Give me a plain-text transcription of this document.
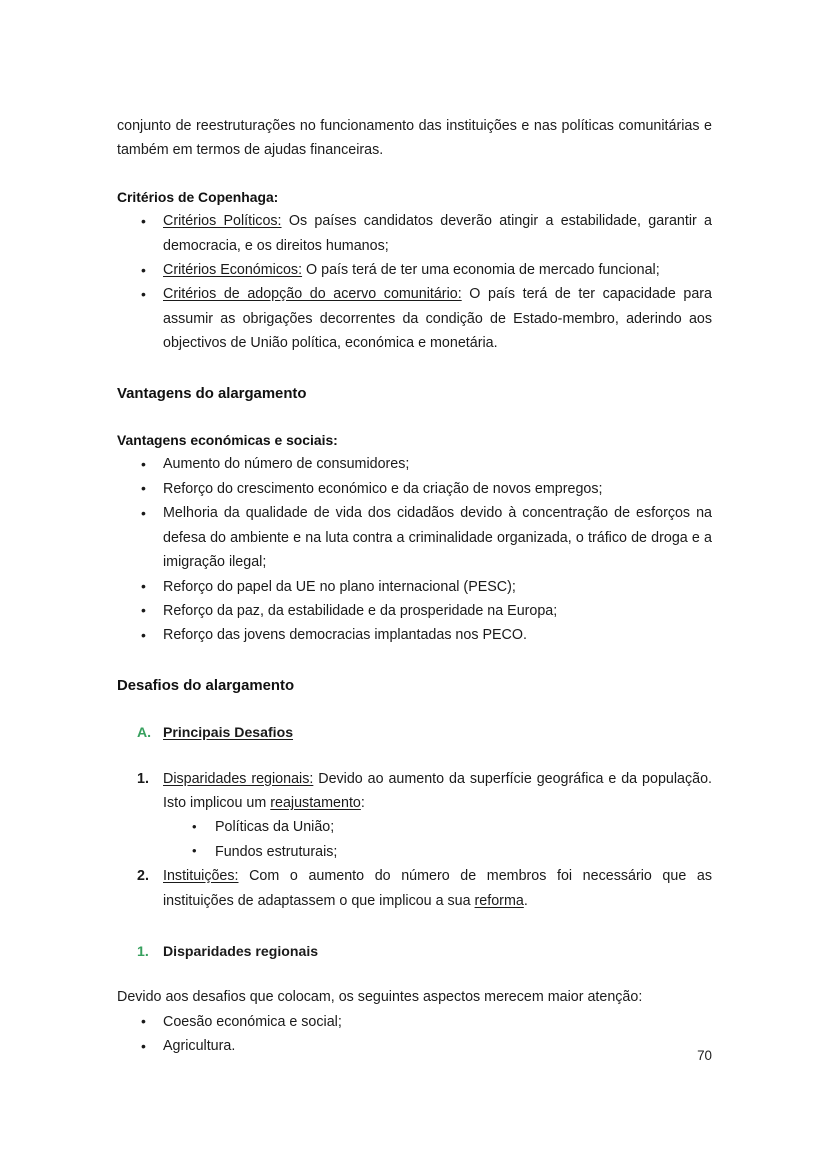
conjunto de reestruturações no funcionamento das instituições e nas políticas comunitárias e também em termos de ajudas financeiras.

Critérios de Copenhaga:
• Critérios Políticos: Os países candidatos deverão atingir a estabilidade, garantir a democracia, e os direitos humanos;
• Critérios Económicos: O país terá de ter uma economia de mercado funcional;
• Critérios de adopção do acervo comunitário: O país terá de ter capacidade para assumir as obrigações decorrentes da condição de Estado-membro, aderindo aos objectivos de União política, económica e monetária.
Vantagens do alargamento
Vantagens económicas e sociais:
• Aumento do número de consumidores;
• Reforço do crescimento económico e da criação de novos empregos;
• Melhoria da qualidade de vida dos cidadãos devido à concentração de esforços na defesa do ambiente e na luta contra a criminalidade organizada, o tráfico de droga e a imigração ilegal;
• Reforço do papel da UE no plano internacional (PESC);
• Reforço da paz, da estabilidade e da prosperidade na Europa;
• Reforço das jovens democracias implantadas nos PECO.
Desafios do alargamento
A. Principais Desafios
1. Disparidades regionais: Devido ao aumento da superfície geográfica e da população. Isto implicou um reajustamento:
• Políticas da União;
• Fundos estruturais;
2. Instituições: Com o aumento do número de membros foi necessário que as instituições de adaptassem o que implicou a sua reforma.
1. Disparidades regionais

Devido aos desafios que colocam, os seguintes aspectos merecem maior atenção:

• Coesão económica e social;
• Agricultura.
70
